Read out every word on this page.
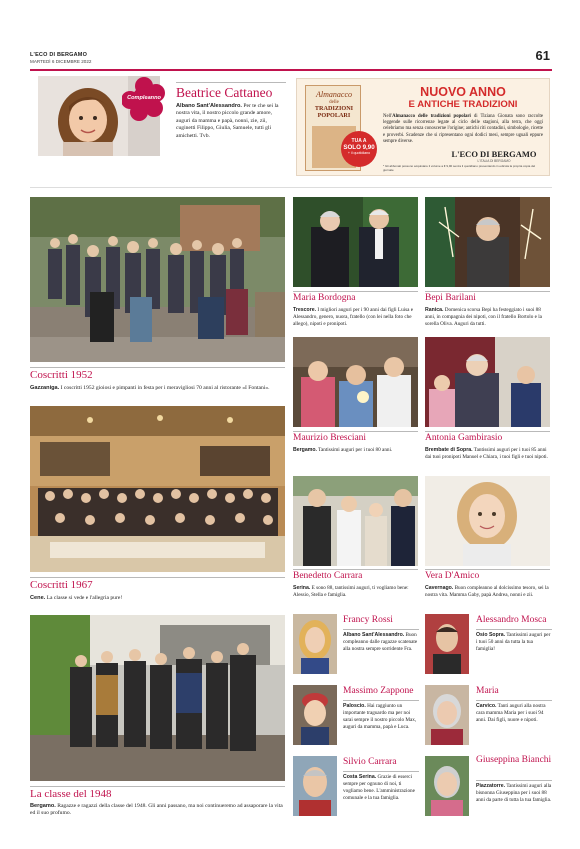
L'ECO DI BERGAMO
MARTEDÌ 6 DICEMBRE 2022	61
Compleanno	Beatrice Cattaneo
Albano Sant'Alessandro. Per te che sei la nostra vita, il nostro piccolo grande amore, auguri da mamma e papà, nonni, zie, zii, cuginetti Filippo, Giulia, Samuele, tutti gli amichetti. Tvb.
Almanacco
delle
TRADIZIONI POPOLARI
TUA A
SOLO 9,90
+ il quotidiano
NUOVO ANNO
E ANTICHE TRADIZIONI
Nell'Almanacco delle tradizioni popolari di Tiziana Gionata sono raccolte leggende sulle ricorrenze legate al ciclo delle stagioni, alla terra, che oggi celebriamo ma senza conoscerne l'origine; antichi riti contadini, simbologie, ricette e proverbi. Scadenze che si ripresentano ogni dodici mesi, sempre uguali eppure sempre diverse.
L'ECO DI BERGAMO
L'ITALIA DI BERGAMO
* Gli abbonati possono acquistare il volume a € 9,90 senza il quotidiano presentando in edicola la propria copia del giornale
Coscritti 1952
Gazzaniga. I coscritti 1952 gioiosi e pimpanti in festa per i meravigliosi 70 anni al ristorante «I Fontani».
Coscritti 1967
Cene. La classe si vede e l'allegria pure!
La classe del 1948
Bergamo. Ragazze e ragazzi della classe del 1948. Gli anni passano, ma noi continueremo ad assaporare la vita ed il suo profumo.
Maria Bordogna
Trescore. I migliori auguri per i 90 anni dai figli Luisa e Alessandro, genero, nuora, fratello (con lei nella foto che allego), nipoti e pronipoti.
Bepi Barilani
Ranica. Domenica scorsa Bepi ha festeggiato i suoi 88 anni, in compagnia dei nipoti, con il fratello Bortolo e la sorella Oliva. Auguri da tutti.
Maurizio Bresciani
Bergamo. Tantissimi auguri per i tuoi 80 anni.
Antonia Gambirasio
Brembate di Sopra. Tantissimi auguri per i tuoi 85 anni dai tuoi pronipoti Manuel e Chiara, i tuoi figli e tuoi nipoti.
Benedetto Carrara
Serina. E sono 88, tantissimi auguri, ti vogliamo bene: Alessio, Stella e famiglia.
Vera D'Amico
Cavernago. Buon compleanno al dolcissimo tesoro, sei la nostra vita. Mamma Gaby, papà Andrea, nonni e zii.
Francy Rossi
Albano Sant'Alessandro. Buon compleanno dalle ragazze scatenate alla nostra sempre sorridente Fra.
Alessandro Mosca
Osio Sopra. Tantissimi auguri per i tuoi 50 anni da tutta la tua famiglia!
Massimo Zappone
Paloscio. Hai raggiunto un importante traguardo ma per noi sarai sempre il nostro piccolo Max, auguri da mamma, papà e Luca.
Maria
Carvico. Tanti auguri alla nostra cara mamma Maria per i suoi 94 anni. Dai figli, nuore e nipoti.
Silvio Carrara
Costa Serina. Grazie di esserci sempre per ognuno di noi, ti vogliamo bene. L'amministrazione comunale e la tua famiglia.
Giuseppina Bianchi
Piazzatorre. Tantissimi auguri alla bisnonna Giuseppina per i suoi 88 anni da parte di tutta la tua famiglia.
